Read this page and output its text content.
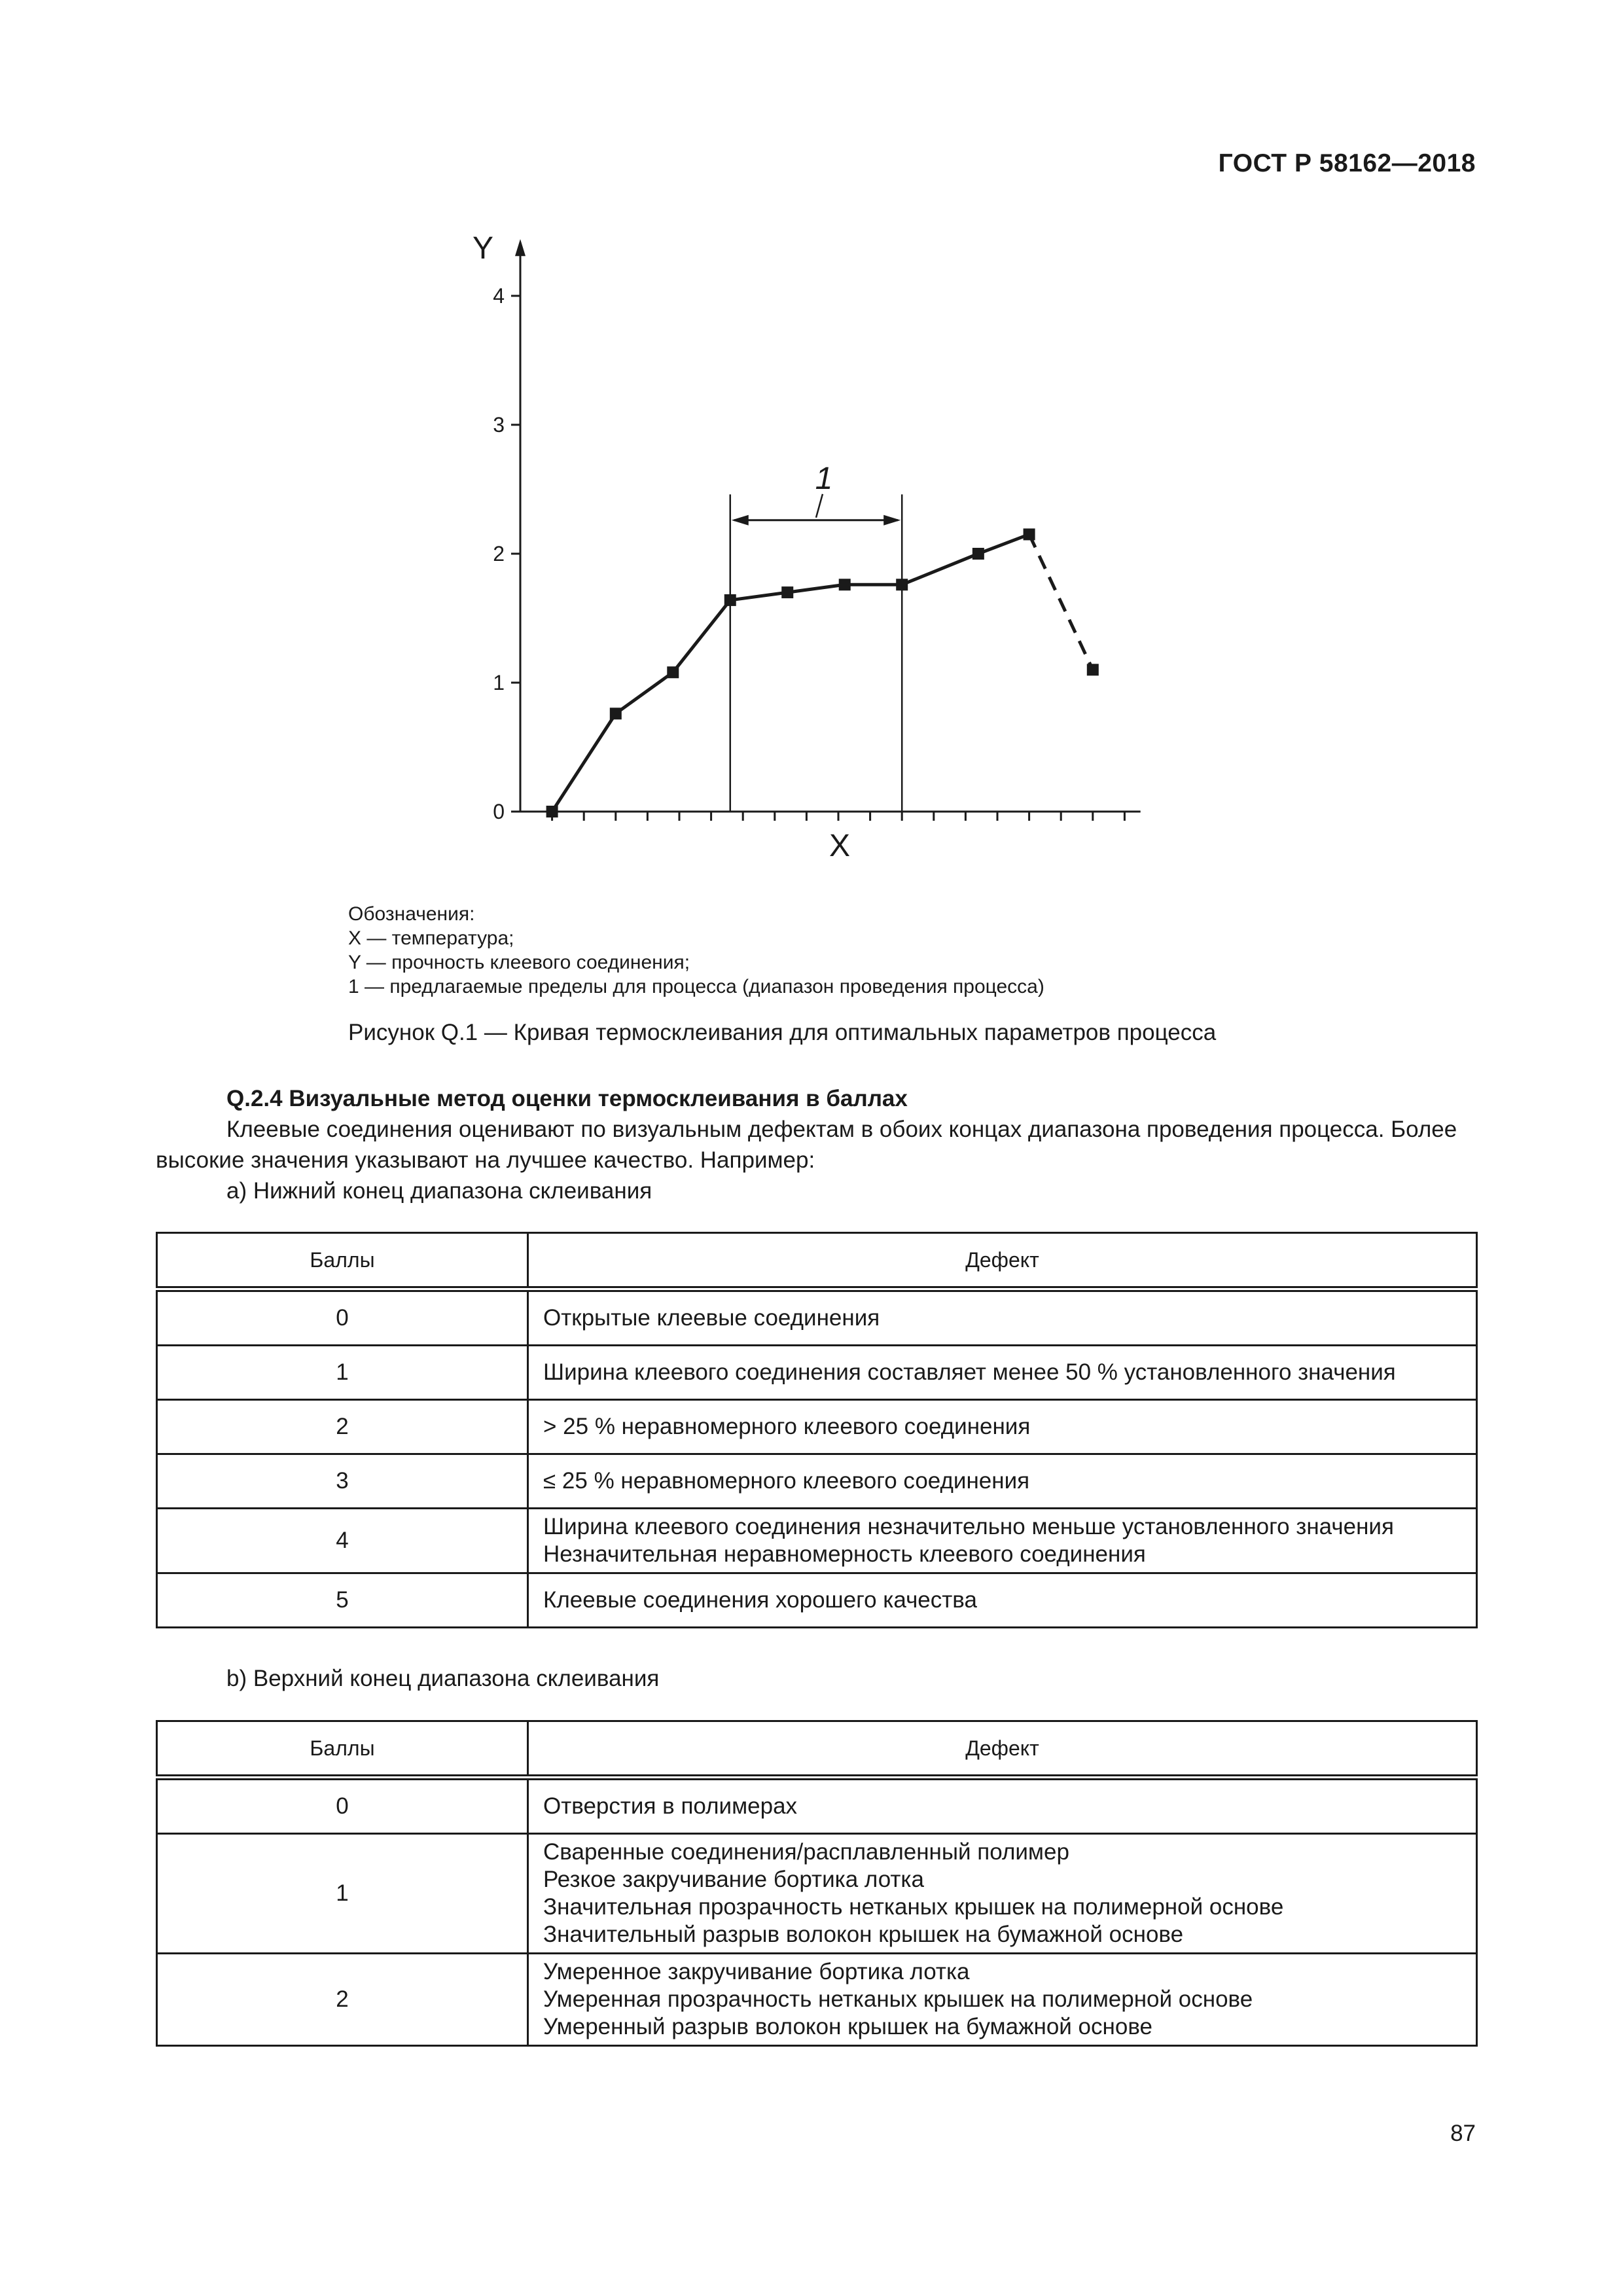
ГОСТ Р 58162—2018
Y
X
0
1
2
3
4
1
Обозначения:
X — температура;
Y — прочность клеевого соединения;
1 — предлагаемые пределы для процесса (диапазон проведения процесса)
Рисунок Q.1 — Кривая термосклеивания для оптимальных параметров процесса
Q.2.4 Визуальные метод оценки термосклеивания в баллах
Клеевые соединения оценивают по визуальным дефектам в обоих концах диапазона проведения процесса. Более высокие значения указывают на лучшее качество. Например:
a) Нижний конец диапазона склеивания
Баллы	Дефект
0	Открытые клеевые соединения
1	Ширина клеевого соединения составляет менее 50 % установленного значения
2	> 25 % неравномерного клеевого соединения
3	≤ 25 % неравномерного клеевого соединения
4	Ширина клеевого соединения незначительно меньше установленного значения
Незначительная неравномерность клеевого соединения
5	Клеевые соединения хорошего качества
b) Верхний конец диапазона склеивания
Баллы	Дефект
0	Отверстия в полимерах
1	Сваренные соединения/расплавленный полимер
Резкое закручивание бортика лотка
Значительная прозрачность нетканых крышек на полимерной основе
Значительный разрыв волокон крышек на бумажной основе
2	Умеренное закручивание бортика лотка
Умеренная прозрачность нетканых крышек на полимерной основе
Умеренный разрыв волокон крышек на бумажной основе
87
